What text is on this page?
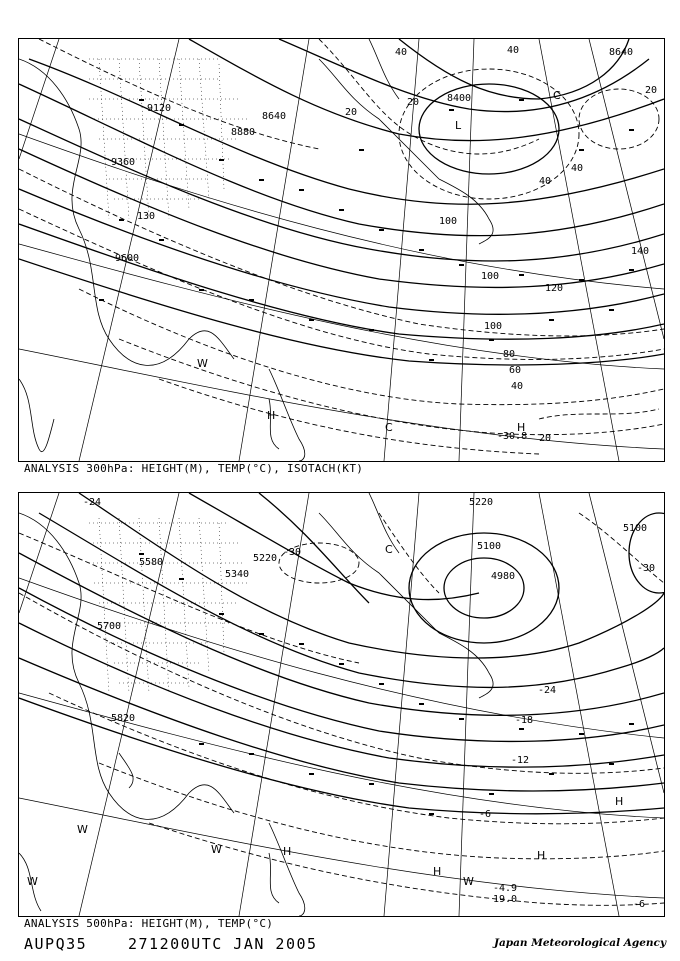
9120
8640
8880
9360
9600
8400
8640
130	100
100
120
140
100
80
60
40
20
40
40
20
20
40	40
20
-30.8
W
C	H
H
L
C
ANALYSIS 300hPa: HEIGHT(M), TEMP(°C), ISOTACH(KT)
5580
5700
5820
5220
5340
5220
5100
4980
5100
-24
-30
-30
-24
-18
-12
-6
-6
-4.9
19.0
W
W
W
H
H
H
W
C
H
ANALYSIS 500hPa: HEIGHT(M), TEMP(°C)
AUPQ35	271200UTC JAN 2005	Japan Meteorological Agency
